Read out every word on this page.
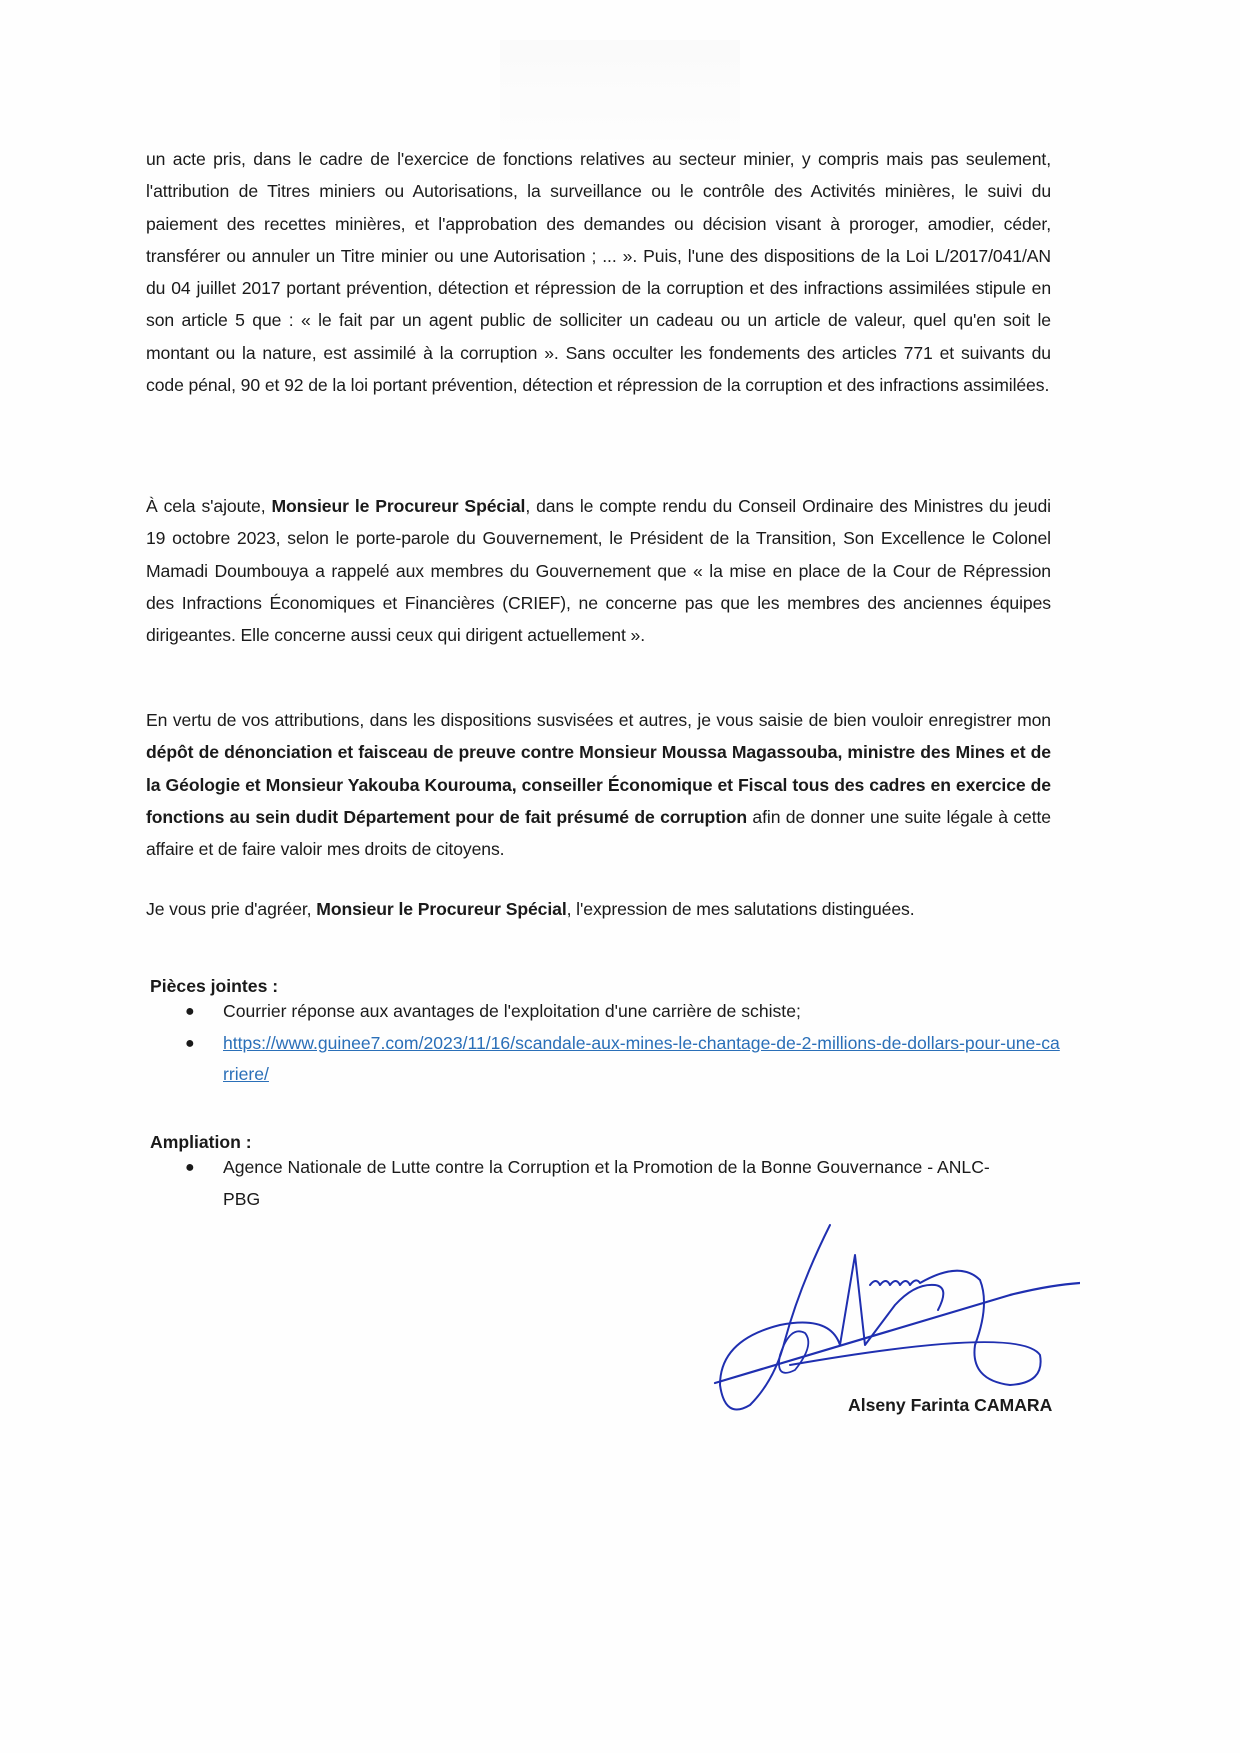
un acte pris, dans le cadre de l'exercice de fonctions relatives au secteur minier, y compris mais pas seulement, l'attribution de Titres miniers ou Autorisations, la surveillance ou le contrôle des Activités minières, le suivi du paiement des recettes minières, et l'approbation des demandes ou décision visant à proroger, amodier, céder, transférer ou annuler un Titre minier ou une Autorisation ; ... ». Puis, l'une des dispositions de la Loi L/2017/041/AN du 04 juillet 2017 portant prévention, détection et répression de la corruption et des infractions assimilées stipule en son article 5 que : « le fait par un agent public de solliciter un cadeau ou un article de valeur, quel qu'en soit le montant ou la nature, est assimilé à la corruption ». Sans occulter les fondements des articles 771 et suivants du code pénal, 90 et 92 de la loi portant prévention, détection et répression de la corruption et des infractions assimilées.
À cela s'ajoute, Monsieur le Procureur Spécial, dans le compte rendu du Conseil Ordinaire des Ministres du jeudi 19 octobre 2023, selon le porte-parole du Gouvernement, le Président de la Transition, Son Excellence le Colonel Mamadi Doumbouya a rappelé aux membres du Gouvernement que « la mise en place de la Cour de Répression des Infractions Économiques et Financières (CRIEF), ne concerne pas que les membres des anciennes équipes dirigeantes. Elle concerne aussi ceux qui dirigent actuellement ».
En vertu de vos attributions, dans les dispositions susvisées et autres, je vous saisie de bien vouloir enregistrer mon dépôt de dénonciation et faisceau de preuve contre Monsieur Moussa Magassouba, ministre des Mines et de la Géologie et Monsieur Yakouba Kourouma, conseiller Économique et Fiscal tous des cadres en exercice de fonctions au sein dudit Département pour de fait présumé de corruption afin de donner une suite légale à cette affaire et de faire valoir mes droits de citoyens.
Je vous prie d'agréer, Monsieur le Procureur Spécial, l'expression de mes salutations distinguées.
Pièces jointes :
● Courrier réponse aux avantages de l'exploitation d'une carrière de schiste;
● https://www.guinee7.com/2023/11/16/scandale-aux-mines-le-chantage-de-2-millions-de-dollars-pour-une-carriere/
Ampliation :
● Agence Nationale de Lutte contre la Corruption et la Promotion de la Bonne Gouvernance - ANLC-PBG
Alseny Farinta CAMARA
